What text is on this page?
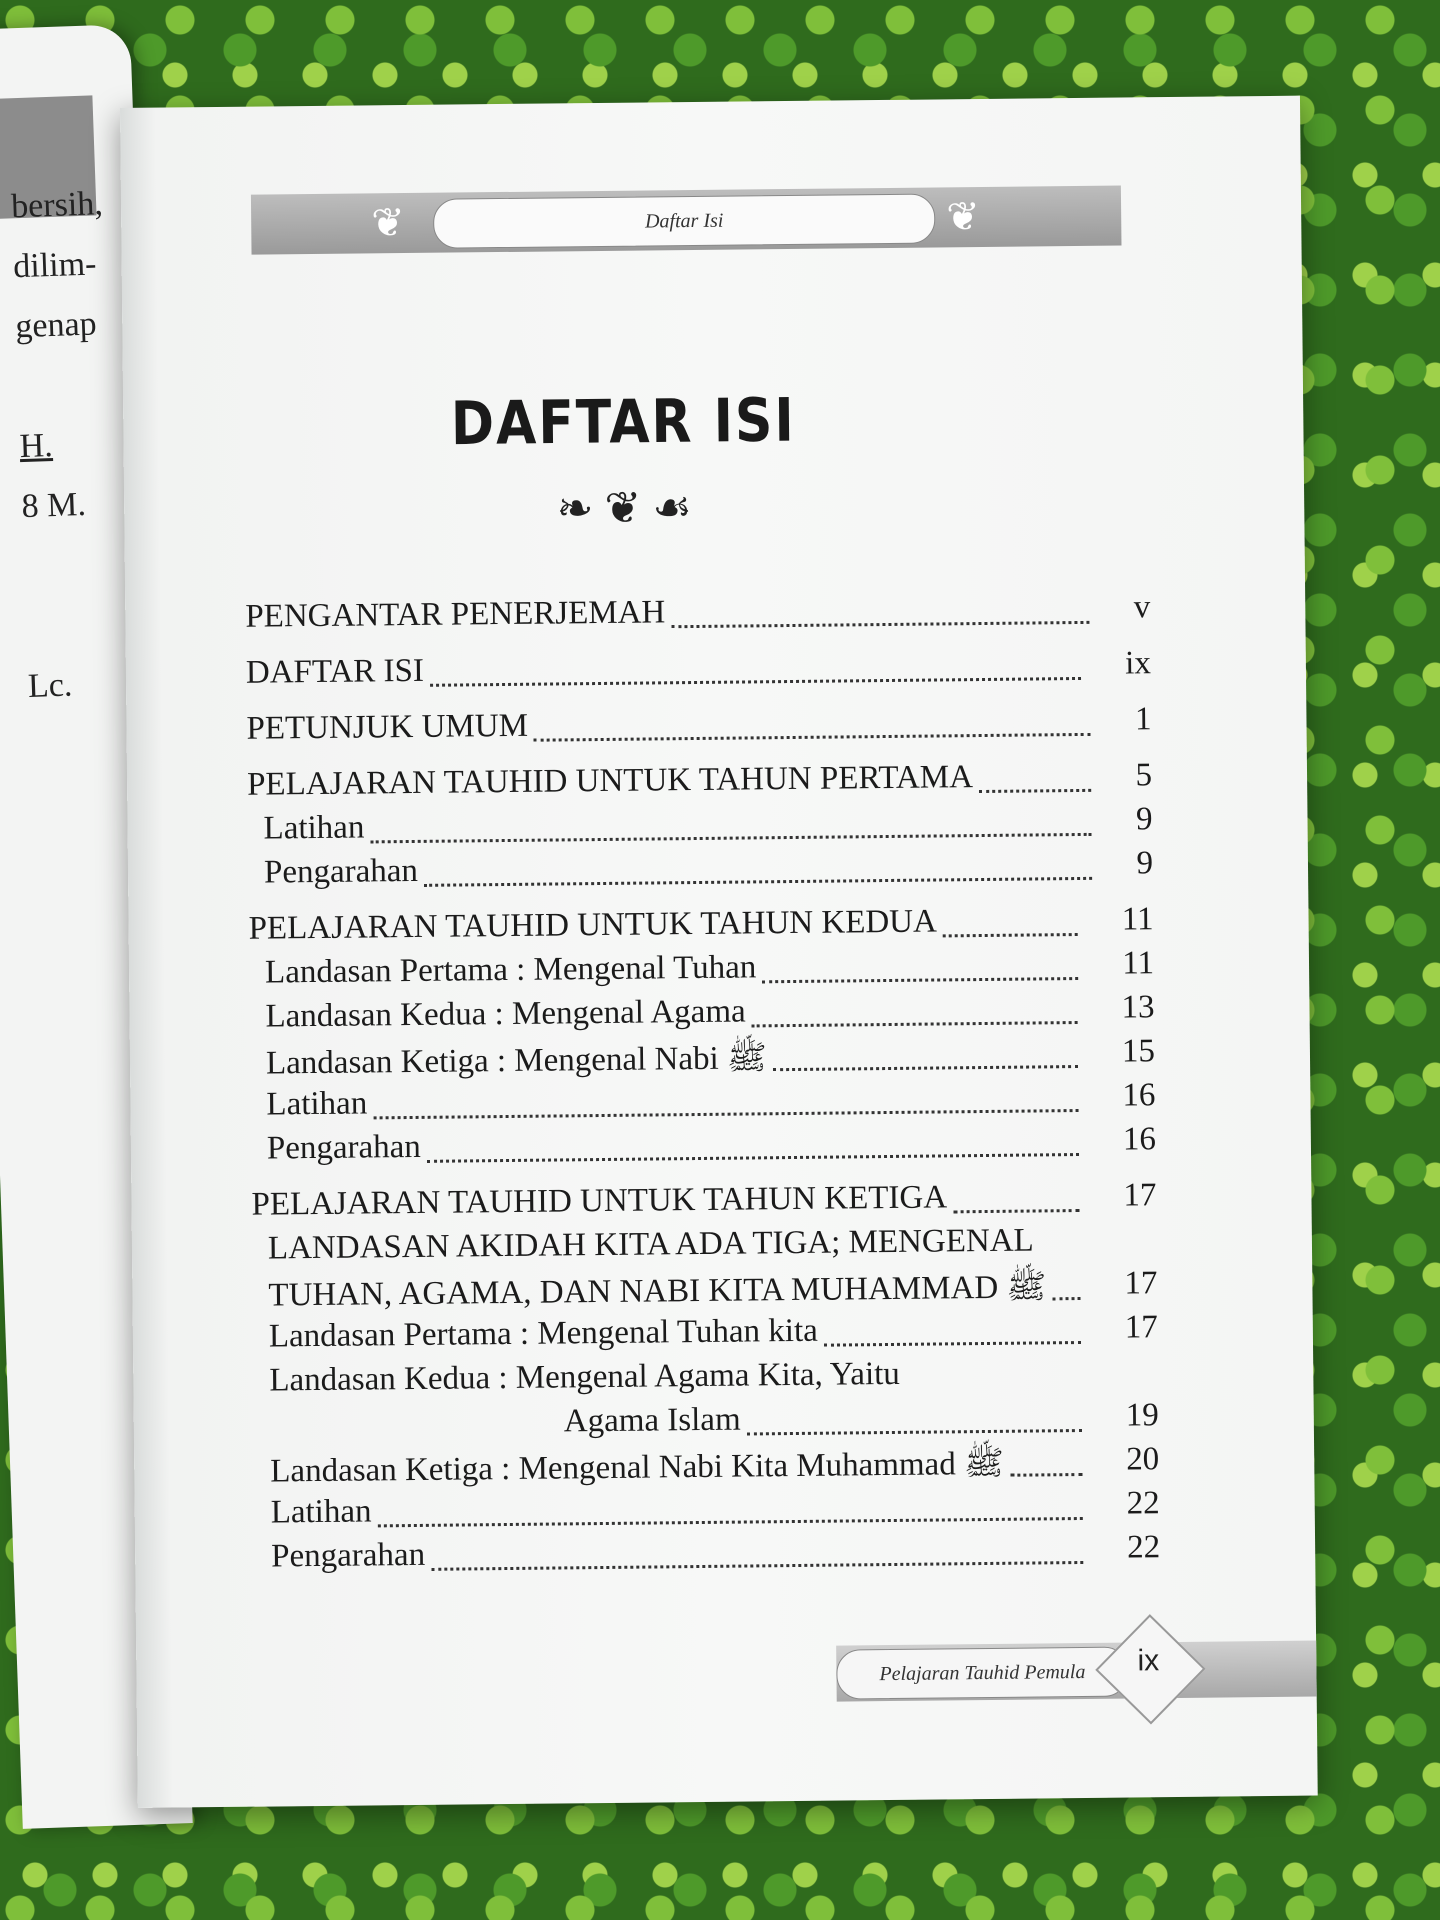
bersih,
dilim-
genap
H.
8 M.
Lc.
❦	Daftar Isi	❦
DAFTAR ISI
❧ ❦ ☙
PENGANTAR PENERJEMAH	v
DAFTAR ISI	ix
PETUNJUK UMUM	1
PELAJARAN TAUHID UNTUK TAHUN PERTAMA	5
Latihan	9
Pengarahan	9
PELAJARAN TAUHID UNTUK TAHUN KEDUA	11
Landasan Pertama : Mengenal Tuhan	11
Landasan Kedua : Mengenal Agama	13
Landasan Ketiga : Mengenal Nabi ﷺ	15
Latihan	16
Pengarahan	16
PELAJARAN TAUHID UNTUK TAHUN KETIGA	17
LANDASAN AKIDAH KITA ADA TIGA; MENGENAL
TUHAN, AGAMA, DAN NABI KITA MUHAMMAD ﷺ 17
Landasan Pertama : Mengenal Tuhan kita	17
Landasan Kedua : Mengenal Agama Kita, Yaitu
Agama Islam	19
Landasan Ketiga : Mengenal Nabi Kita Muhammad ﷺ	20
Latihan	22
Pengarahan	22
Pelajaran Tauhid Pemula	ix
